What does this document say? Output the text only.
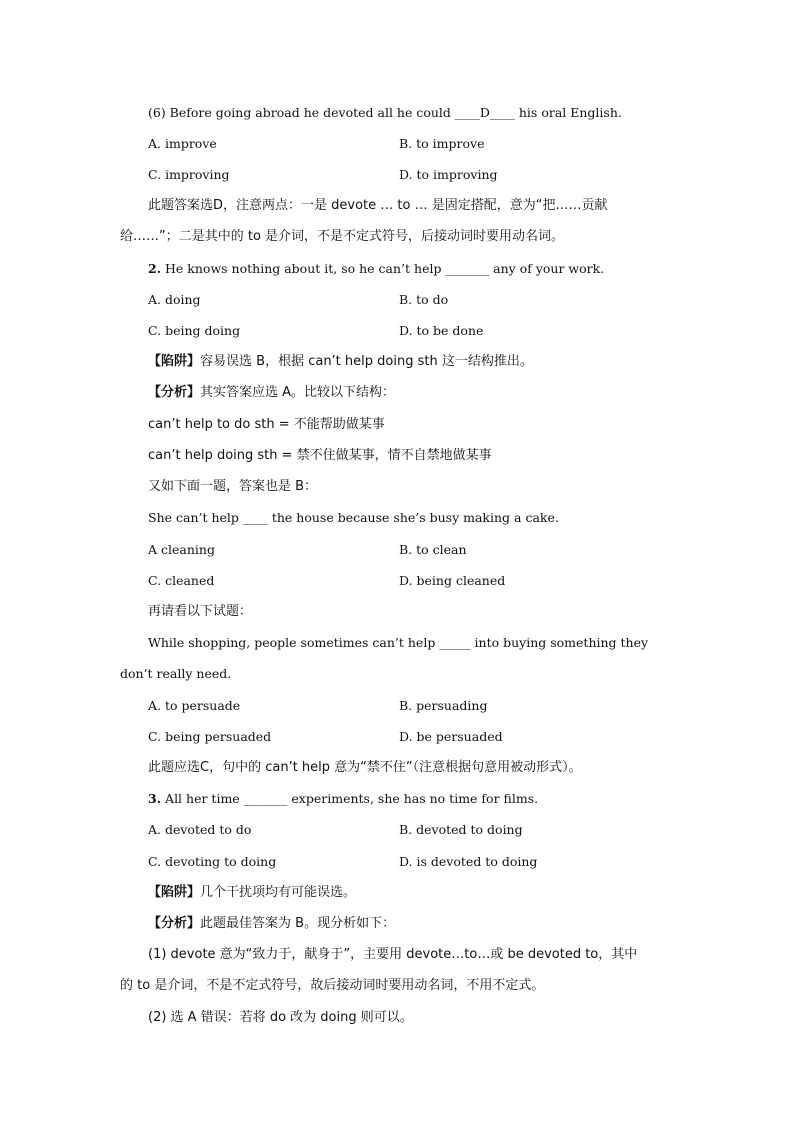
(6) Before going abroad he devoted all he could ____D____ his oral English.
A. improve	B. to improve
C. improving	D. to improving
此题答案选D，注意两点：一是 devote … to … 是固定搭配，意为“把……贡献
给……”；二是其中的 to 是介词，不是不定式符号，后接动词时要用动名词。
2. He knows nothing about it, so he can’t help _______ any of your work.
A. doing	B. to do
C. being doing	D. to be done
【陷阱】容易误选 B，根据 can’t help doing sth 这一结构推出。
【分析】其实答案应选 A。比较以下结构：
can’t help to do sth = 不能帮助做某事
can’t help doing sth = 禁不住做某事，情不自禁地做某事
又如下面一题，答案也是 B：
She can’t help ____ the house because she’s busy making a cake.
A cleaning	B. to clean
C. cleaned	D. being cleaned
再请看以下试题：
While shopping, people sometimes can’t help _____ into buying something they
don’t really need.
A. to persuade	B. persuading
C. being persuaded	D. be persuaded
此题应选C，句中的 can’t help 意为“禁不住”（注意根据句意用被动形式）。
3. All her time _______ experiments, she has no time for films.
A. devoted to do	B. devoted to doing
C. devoting to doing	D. is devoted to doing
【陷阱】几个干扰项均有可能误选。
【分析】此题最佳答案为 B。现分析如下：
(1) devote 意为“致力于，献身于”，主要用 devote…to…或 be devoted to，其中
的 to 是介词，不是不定式符号，故后接动词时要用动名词，不用不定式。
(2) 选 A 错误：若将 do 改为 doing 则可以。
